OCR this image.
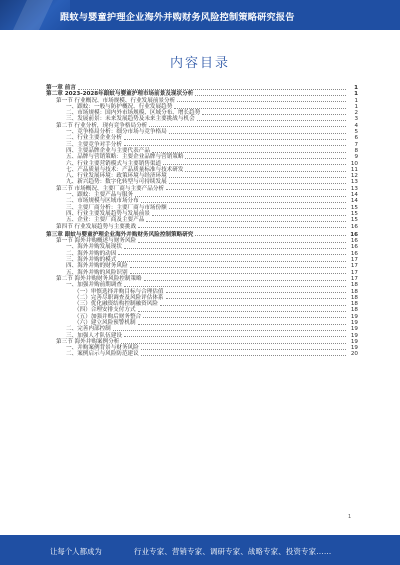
跟蚊与婴童护理企业海外并购财务风险控制策略研究报告
内容目录
第一章 前言	1
第二章 2023-2028年跟蚊与婴童护理市场前景及现状分析	1
第一节 行业概况、市场规模、行业发展前景分析	1
一、跟蚊：一般与防护概况、行业发展趋势	1
二、市场规模：国内外市场规模、区域分布、增长趋势	2
三、发展前景：未来发展趋势及未来主要挑战与机会	3
第二节 行业分析，现有竞争格局分析	4
一、竞争格局分析：细分市场与竞争格局	5
二、行业主要企业分析	6
三、主要竞争对手分析	7
四、主要品牌企业与主要代表产品	8
五、品牌与营销策略：主要企业品牌与营销策略	9
六、行业主要营销模式与主要销售渠道	10
七、产品质量与技术：产品质量标准与技术研发	11
八、行业发展环境：政策环境与经济环境	12
九、新兴趋势：数字化转型与可持续发展	13
第三节 市场概况、主要厂商与主要产品分析	13
一、跟蚊：主要产品与服务	14
二、市场规模与区域市场分布	14
三、主要厂商分析：主要厂商与市场份额	15
四、行业主要发展趋势与发展前景	15
五、企业：主要厂商及主要产品	15
第四节 行业发展趋势与主要挑战	16
第三章 跟蚊与婴童护理企业海外并购财务风险控制策略研究	16
第一节 海外并购概述与财务风险	16
一、海外并购发展现状	16
二、海外并购的动因	16
三、海外并购的模式	17
四、海外并购的财务风险	17
五、海外并购的风险识别	17
第二节 海外并购财务风险控制策略	17
一、加强并购前期调查	18
（一）审慎选择并购目标与合理估值	18
（二）完善尽职调查及风险评估体系	18
（三）优化融资结构控制融资风险	18
（四）合理安排支付方式	18
（五）加强并购后财务整合	19
（六）建立风险预警机制	19
二、完善内部控制	19
三、加强人才队伍建设	19
第三节 海外并购案例分析	19
一、并购案例背景与财务风险	19
二、案例启示与风险防范建议	20
1
让每个人都成为	行业专家 、 营销专家 、 调研专家 、 战略专家 、 投资专家……
